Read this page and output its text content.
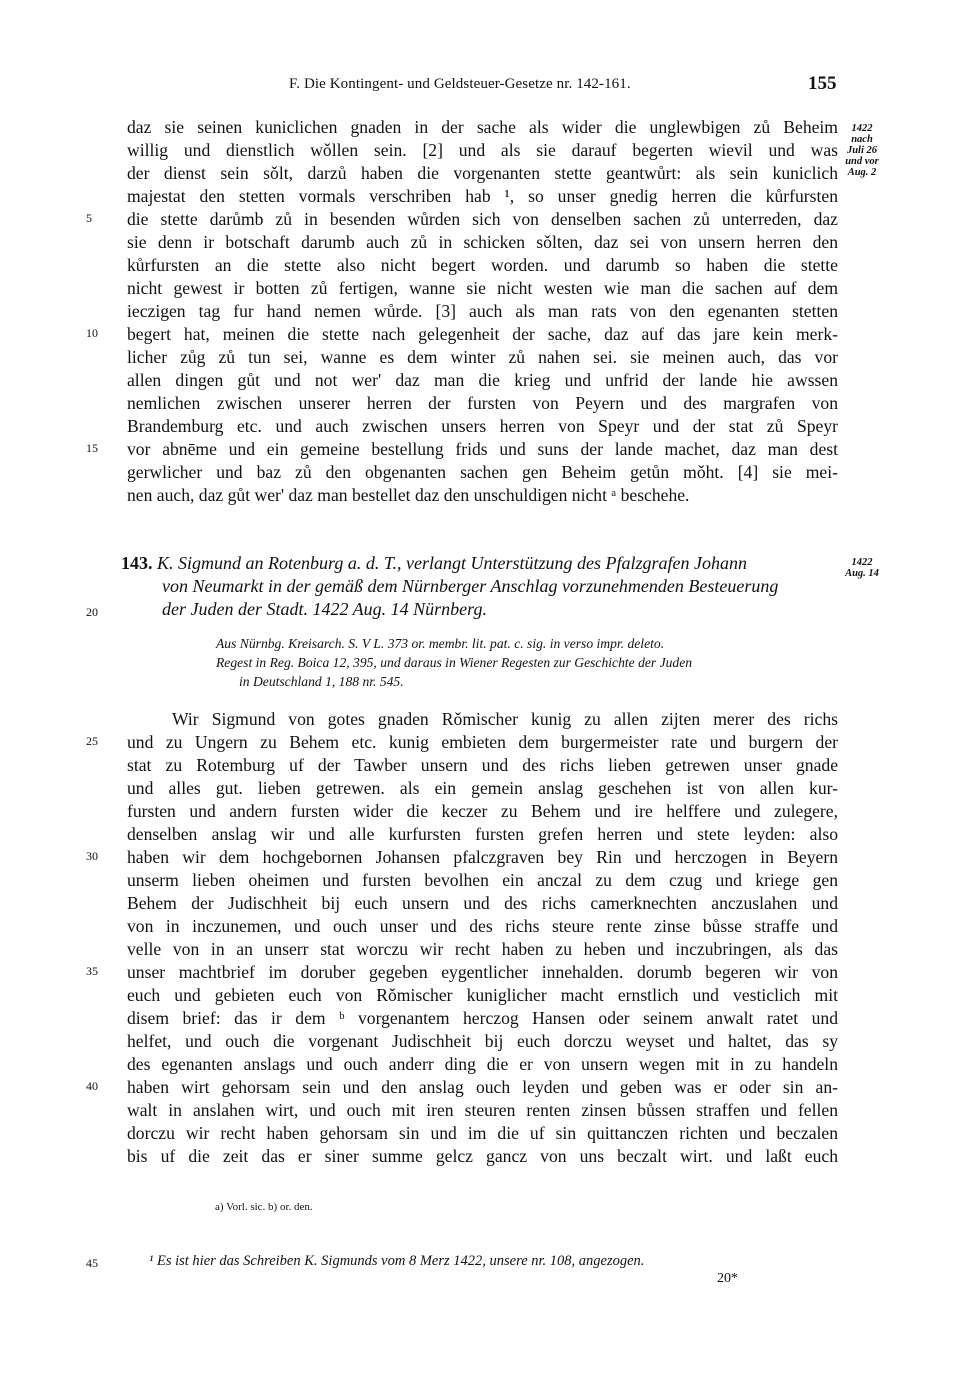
F. Die Kontingent- und Geldsteuer-Gesetze nr. 142-161.	155
1422
nach
Juli 26
und vor
Aug. 2
daz sie seinen kuniclichen gnaden in der sache als wider die unglewbigen zů Beheim
willig und dienstlich wǒllen sein. [2] und als sie darauf begerten wievil und was
der dienst sein sǒlt, darzů haben die vorgenanten stette geantwůrt: als sein kuniclich
majestat den stetten vormals verschriben hab ¹, so unser gnedig herren die kůrfursten
die stette darůmb zů in besenden wůrden sich von denselben sachen zů unterreden, daz
sie denn ir botschaft darumb auch zů in schicken sǒlten, daz sei von unsern herren den
kůrfursten an die stette also nicht begert worden. und darumb so haben die stette
nicht gewest ir botten zů fertigen, wanne sie nicht westen wie man die sachen auf dem
ieczigen tag fur hand nemen wůrde. [3] auch als man rats von den egenanten stetten
begert hat, meinen die stette nach gelegenheit der sache, daz auf das jare kein merk-
licher zůg zů tun sei, wanne es dem winter zů nahen sei. sie meinen auch, das vor
allen dingen gůt und not wer' daz man die krieg und unfrid der lande hie awssen
nemlichen zwischen unserer herren der fursten von Peyern und des margrafen von
Brandemburg etc. und auch zwischen unsers herren von Speyr und der stat zů Speyr
vor abnēme und ein gemeine bestellung frids und suns der lande machet, daz man dest
gerwlicher und baz zů den obgenanten sachen gen Beheim getůn mǒht. [4] sie mei-
nen auch, daz gůt wer' daz man bestellet daz den unschuldigen nicht ᵃ beschehe.
5
10
15
143. K. Sigmund an Rotenburg a. d. T., verlangt Unterstützung des Pfalzgrafen Johann
von Neumarkt in der gemäß dem Nürnberger Anschlag vorzunehmenden Besteuerung
der Juden der Stadt. 1422 Aug. 14 Nürnberg.
1422
Aug. 14
20
Aus Nürnbg. Kreisarch. S. V L. 373 or. membr. lit. pat. c. sig. in verso impr. deleto.
Regest in Reg. Boica 12, 395, und daraus in Wiener Regesten zur Geschichte der Juden
in Deutschland 1, 188 nr. 545.
Wir Sigmund von gotes gnaden Rǒmischer kunig zu allen zijten merer des richs
und zu Ungern zu Behem etc. kunig embieten dem burgermeister rate und burgern der
stat zu Rotemburg uf der Tawber unsern und des richs lieben getrewen unser gnade
und alles gut. lieben getrewen. als ein gemein anslag geschehen ist von allen kur-
fursten und andern fursten wider die keczer zu Behem und ire helffere und zulegere,
denselben anslag wir und alle kurfursten fursten grefen herren und stete leyden: also
haben wir dem hochgebornen Johansen pfalczgraven bey Rin und herczogen in Beyern
unserm lieben oheimen und fursten bevolhen ein anczal zu dem czug und kriege gen
Behem der Judischheit bij euch unsern und des richs camerknechten anczuslahen und
von in inczunemen, und ouch unser und des richs steure rente zinse bůsse straffe und
velle von in an unserr stat worczu wir recht haben zu heben und inczubringen, als das
unser machtbrief im doruber gegeben eygentlicher innehalden. dorumb begeren wir von
euch und gebieten euch von Rǒmischer kuniglicher macht ernstlich und vesticlich mit
disem brief: das ir dem ᵇ vorgenantem herczog Hansen oder seinem anwalt ratet und
helfet, und ouch die vorgenant Judischheit bij euch dorczu weyset und haltet, das sy
des egenanten anslags und ouch anderr ding die er von unsern wegen mit in zu handeln
haben wirt gehorsam sein und den anslag ouch leyden und geben was er oder sin an-
walt in anslahen wirt, und ouch mit iren steuren renten zinsen bůssen straffen und fellen
dorczu wir recht haben gehorsam sin und im die uf sin quittanczen richten und beczalen
bis uf die zeit das er siner summe gelcz gancz von uns beczalt wirt. und laßt euch
25
30
35
40
a) Vorl. sic. b) or. den.
45	¹ Es ist hier das Schreiben K. Sigmunds vom 8 Merz 1422, unsere nr. 108, angezogen.
20*
